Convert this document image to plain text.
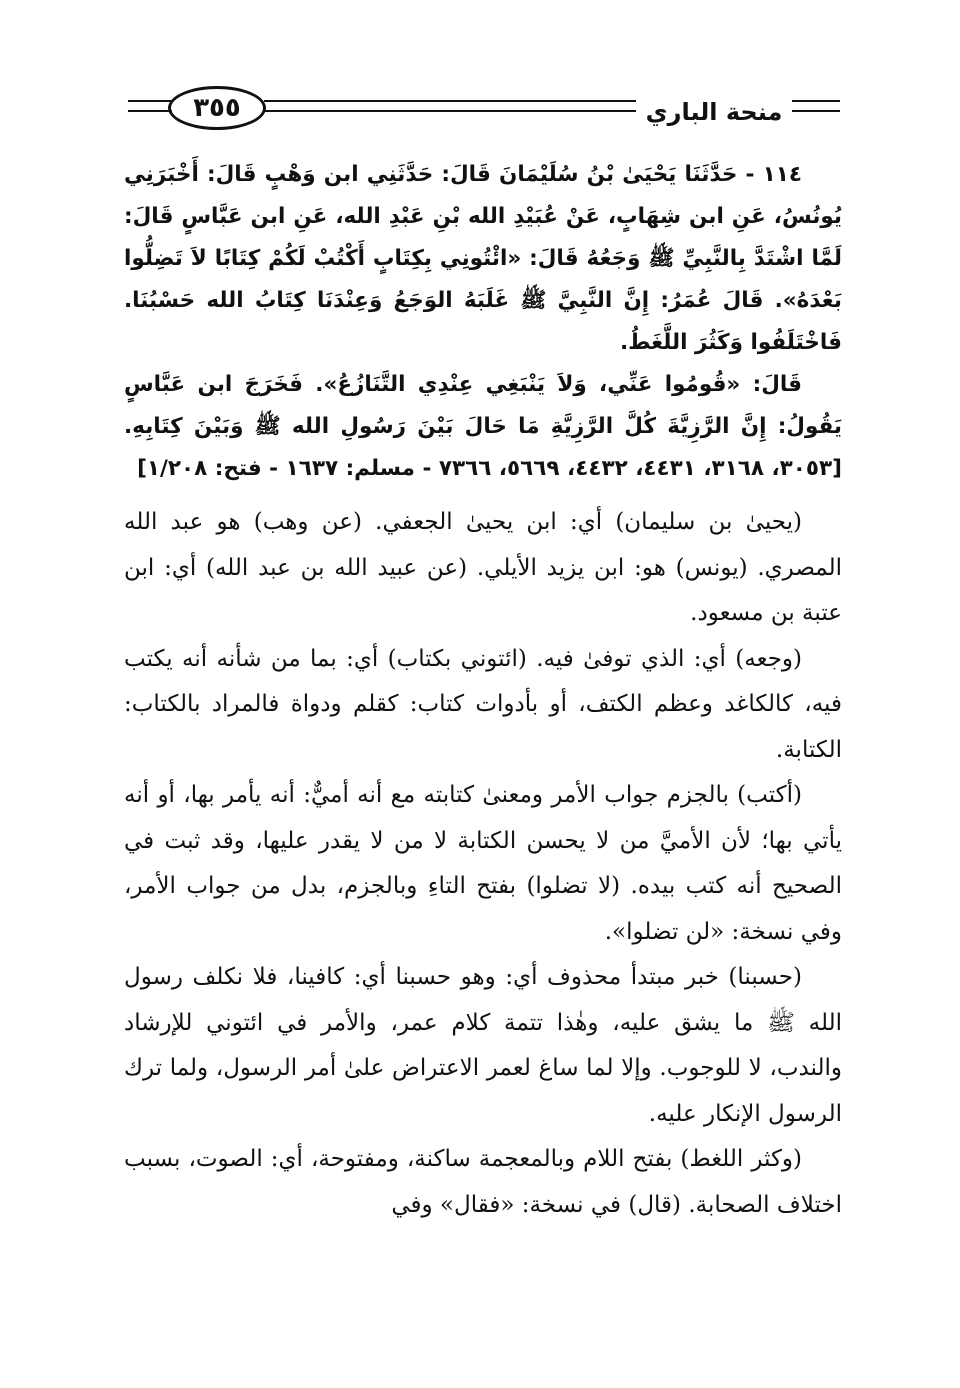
٣٥٥	منحة الباري

١١٤ - حَدَّثَنَا يَحْيَىٰ بْنُ سُلَيْمَانَ قَالَ: حَدَّثَنِي ابن وَهْبٍ قَالَ: أَخْبَرَنِي يُونُسُ، عَنِ ابن شِهَابٍ، عَنْ عُبَيْدِ الله بْنِ عَبْدِ الله، عَنِ ابن عَبَّاسٍ قَالَ: لَمَّا اشْتَدَّ بِالنَّبِيِّ ﷺ وَجَعُهُ قَالَ: «ائْتُونِي بِكِتَابٍ أَكْتُبْ لَكُمْ كِتَابًا لاَ تَضِلُّوا بَعْدَهُ». قَالَ عُمَرُ: إِنَّ النَّبِيَّ ﷺ غَلَبَهُ الوَجَعُ وَعِنْدَنَا كِتَابُ الله حَسْبُنَا. فَاخْتَلَفُوا وَكَثُرَ اللَّغَطُ.

قَالَ: «قُومُوا عَنِّي، وَلاَ يَنْبَغِي عِنْدِي التَّنَازُعُ». فَخَرَجَ ابن عَبَّاسٍ يَقُولُ: إِنَّ الرَّزِيَّةَ كُلَّ الرَّزِيَّةِ مَا حَالَ بَيْنَ رَسُولِ الله ﷺ وَبَيْنَ كِتَابِهِ. [٣٠٥٣، ٣١٦٨، ٤٤٣١، ٤٤٣٢، ٥٦٦٩، ٧٣٦٦ - مسلم: ١٦٣٧ - فتح: ١/٢٠٨]

(يحيىٰ بن سليمان) أي: ابن يحيىٰ الجعفي. (عن وهب) هو عبد الله المصري. (يونس) هو: ابن يزيد الأيلي. (عن عبيد الله بن عبد الله) أي: ابن عتبة بن مسعود.

(وجعه) أي: الذي توفىٰ فيه. (ائتوني بكتاب) أي: بما من شأنه أنه يكتب فيه، كالكاغد وعظم الكتف، أو بأدوات كتاب: كقلم ودواة فالمراد بالكتاب: الكتابة.

(أكتب) بالجزم جواب الأمر ومعنىٰ كتابته مع أنه أميٌّ: أنه يأمر بها، أو أنه يأتي بها؛ لأن الأميَّ من لا يحسن الكتابة لا من لا يقدر عليها، وقد ثبت في الصحيح أنه كتب بيده. (لا تضلوا) بفتح التاءِ وبالجزم، بدل من جواب الأمر، وفي نسخة: «لن تضلوا».

(حسبنا) خبر مبتدأ محذوف أي: وهو حسبنا أي: كافينا، فلا نكلف رسول الله ﷺ ما يشق عليه، وهٰذا تتمة كلام عمر، والأمر في ائتوني للإرشاد والندب، لا للوجوب. وإلا لما ساغ لعمر الاعتراض علىٰ أمر الرسول، ولما ترك الرسول الإنكار عليه.

(وكثر اللغط) بفتح اللام وبالمعجمة ساكنة، ومفتوحة، أي: الصوت، بسبب اختلاف الصحابة. (قال) في نسخة: «فقال» وفي
